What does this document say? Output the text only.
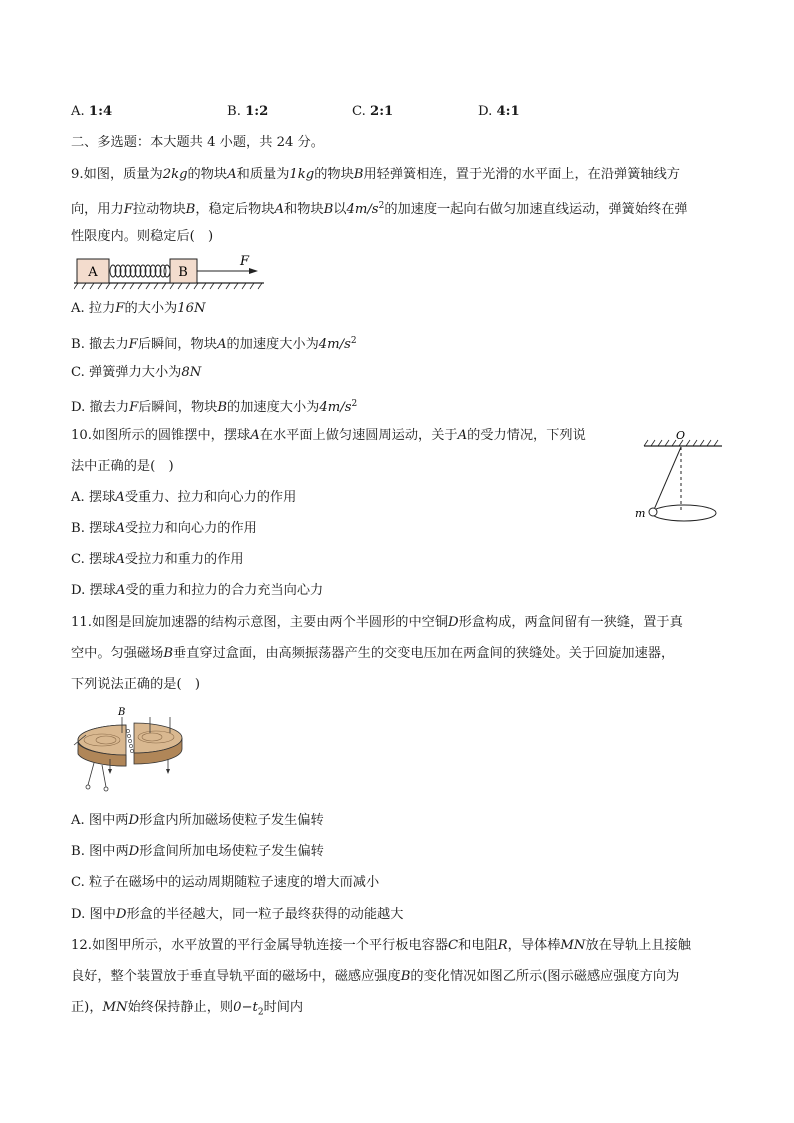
A. 1:4	B. 1:2	C. 2:1	D. 4:1
二、多选题：本大题共 4 小题，共 24 分。
9.如图，质量为2kg的物块A和质量为1kg的物块B用轻弹簧相连，置于光滑的水平面上，在沿弹簧轴线方
向，用力F拉动物块B，稳定后物块A和物块B以$4m/s^2$的加速度一起向右做匀加速直线运动，弹簧始终在弹
性限度内。则稳定后(　)
A	B
F
A. 拉力F的大小为16N
B. 撤去力F后瞬间，物块A的加速度大小为$4m/s^2$
C. 弹簧弹力大小为8N
D. 撤去力F后瞬间，物块B的加速度大小为$4m/s^2$
10.如图所示的圆锥摆中，摆球A在水平面上做匀速圆周运动，关于A的受力情况，下列说
法中正确的是(　)
O
m
A. 摆球A受重力、拉力和向心力的作用
B. 摆球A受拉力和向心力的作用
C. 摆球A受拉力和重力的作用
D. 摆球A受的重力和拉力的合力充当向心力
11.如图是回旋加速器的结构示意图，主要由两个半圆形的中空铜D形盒构成，两盒间留有一狭缝，置于真
空中。匀强磁场B垂直穿过盒面，由高频振荡器产生的交变电压加在两盒间的狭缝处。关于回旋加速器，
下列说法正确的是(　)
B
A. 图中两D形盒内所加磁场使粒子发生偏转
B. 图中两D形盒间所加电场使粒子发生偏转
C. 粒子在磁场中的运动周期随粒子速度的增大而减小
D. 图中D形盒的半径越大，同一粒子最终获得的动能越大
12.如图甲所示，水平放置的平行金属导轨连接一个平行板电容器C和电阻R，导体棒MN放在导轨上且接触
良好，整个装置放于垂直导轨平面的磁场中，磁感应强度B的变化情况如图乙所示(图示磁感应强度方向为
正)，MN始终保持静止，则$0-t_2$时间内
